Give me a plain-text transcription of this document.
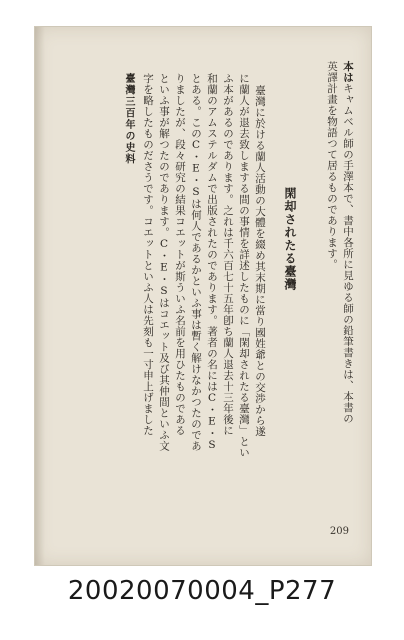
本はキャムベル師の手澤本で、書中各所に見ゆる師の鉛筆書きは、本書の
英譯計畫を物語つて居るものであります。
閑却されたる臺灣
臺灣に於ける蘭人活動の大體を綴め其末期に當り國姓爺との交渉から遂
に蘭人が退去致しまする間の事情を詳述したものに「閑却されたる臺灣」とい
ふ本があるのであります。之れは千六百七十五年卽ち蘭人退去十三年後に
和蘭のアムステルダムで出版されたのであります。著者の名にはC・E・S
とある。このC・E・Sは何人であるかといふ事は暫く解けなかつたのであ
りましたが、段々研究の結果コエットが斯ういふ名前を用ひたものである
といふ事が解つたのであります。C・E・Sはコエット及び其仲間といふ文
字を略したものださうです。コエットといふ人は先刻も一寸申上げました
臺灣三百年の史料
209
20020070004_P277
